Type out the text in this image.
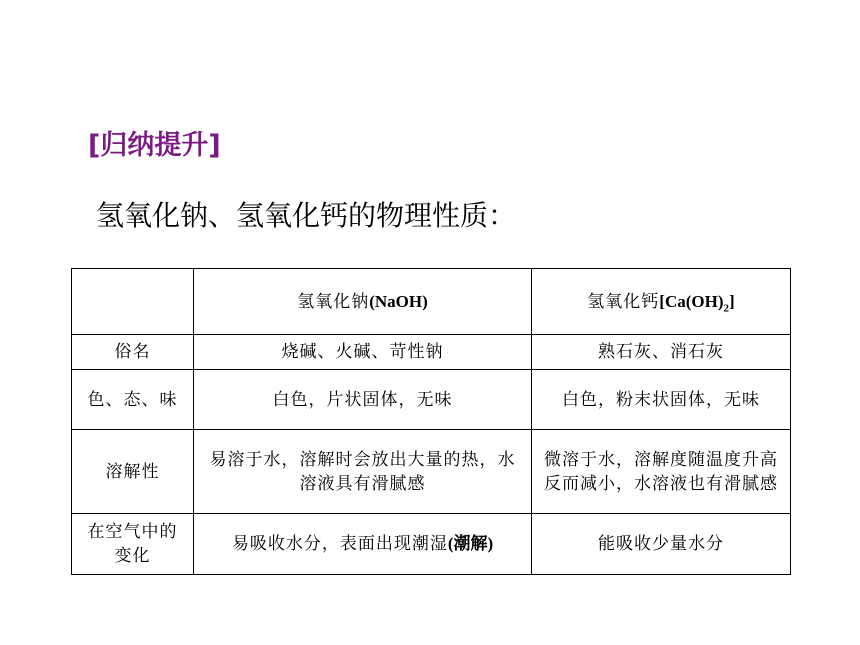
[归纳提升]
氢氧化钠、氢氧化钙的物理性质：
	氢氧化钠(NaOH)	氢氧化钙$[Ca(OH)_2]$
俗名	烧碱、火碱、苛性钠	熟石灰、消石灰
色、态、味	白色，片状固体，无味	白色，粉末状固体，无味
溶解性	易溶于水，溶解时会放出大量的热，水溶液具有滑腻感	微溶于水，溶解度随温度升高反而减小，水溶液也有滑腻感
在空气中的变化	易吸收水分，表面出现潮湿(潮解)	能吸收少量水分
